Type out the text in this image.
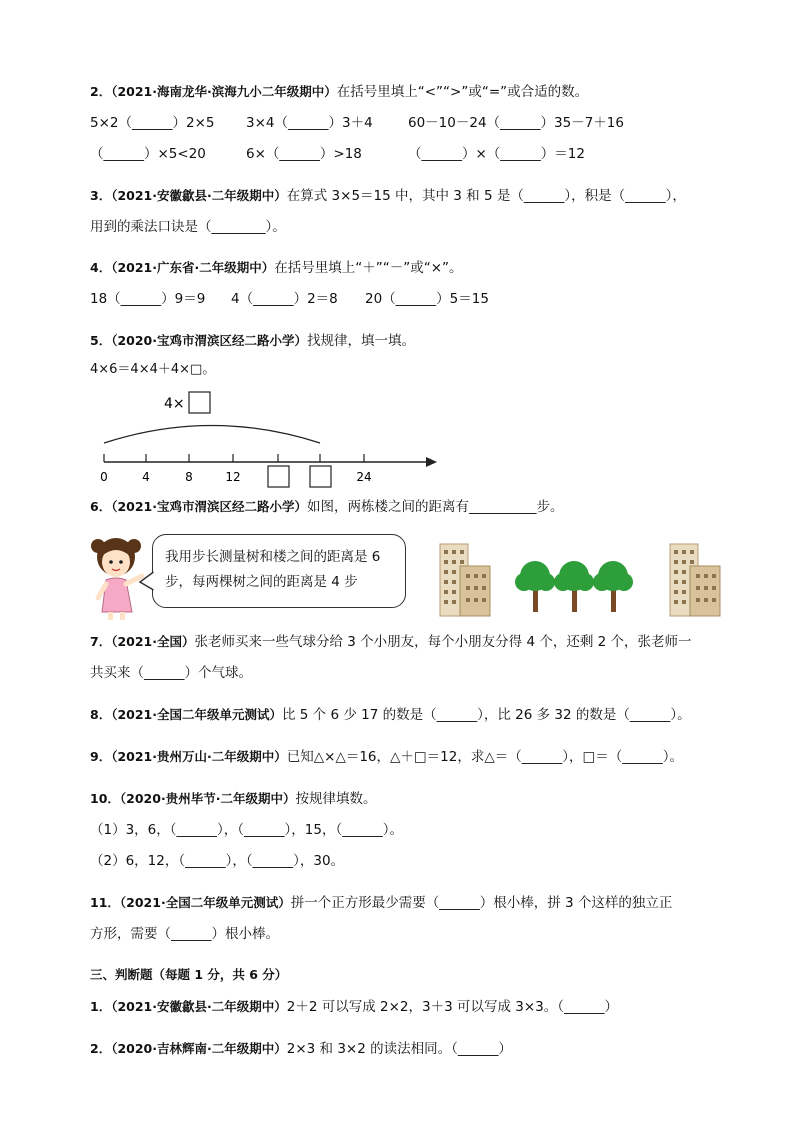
2．（2021·海南龙华·滨海九小二年级期中）在括号里填上“<”“>”或“=”或合适的数。
5×2（______）2×5 3×4（______）3＋4	60－10－24（______）35－7＋16
（______）×5<20	6×（______）>18	（______）×（______）＝12
3．（2021·安徽歙县·二年级期中）在算式 3×5＝15 中，其中 3 和 5 是（______），积是（______），
用到的乘法口诀是（________）。
4．（2021·广东省·二年级期中）在括号里填上“＋”“－”或“×”。
18（______）9＝9 4（______）2＝8 20（______）5＝15
5．（2020·宝鸡市渭滨区经二路小学）找规律，填一填。
4×6＝4×4＋4×□。
4×
0	4	8	12	24
6．（2021·宝鸡市渭滨区经二路小学）如图，两栋楼之间的距离有__________步。
我用步长测量树和楼之间的距离是 6 步，每两棵树之间的距离是 4 步
7．（2021·全国）张老师买来一些气球分给 3 个小朋友，每个小朋友分得 4 个，还剩 2 个，张老师一
共买来（______）个气球。
8．（2021·全国二年级单元测试）比 5 个 6 少 17 的数是（______），比 26 多 32 的数是（______）。
9．（2021·贵州万山·二年级期中）已知△×△＝16，△＋□＝12，求△＝（______），□＝（______）。
10．（2020·贵州毕节·二年级期中）按规律填数。
（1）3，6，（______），（______），15，（______）。
（2）6，12，（______），（______），30。
11．（2021·全国二年级单元测试）拼一个正方形最少需要（______）根小棒，拼 3 个这样的独立正
方形，需要（______）根小棒。
三、判断题（每题 1 分，共 6 分）
1．（2021·安徽歙县·二年级期中）2＋2 可以写成 2×2，3＋3 可以写成 3×3。（______）
2．（2020·吉林辉南·二年级期中）2×3 和 3×2 的读法相同。（______）
